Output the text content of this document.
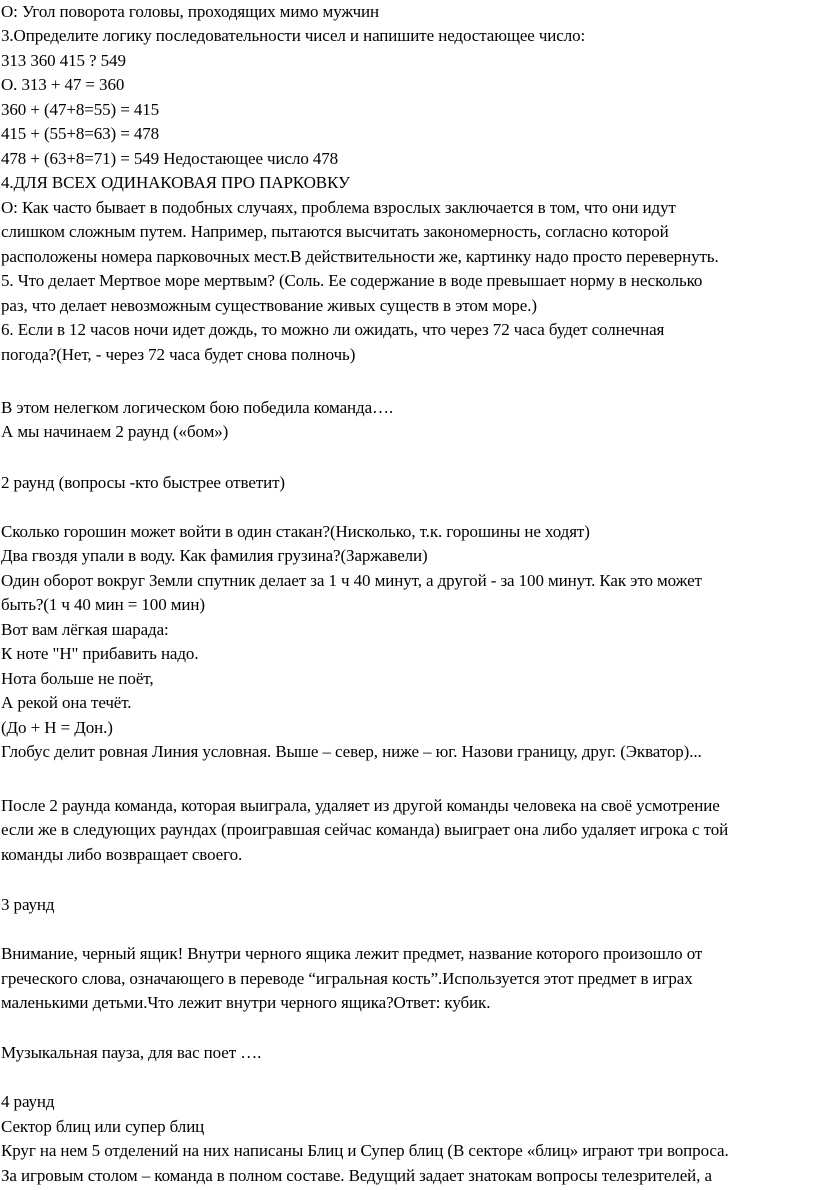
О: Угол поворота головы, проходящих мимо мужчин
3.Определите логику последовательности чисел и напишите недостающее число:
313 360 415 ? 549
О. 313 + 47 = 360
360 + (47+8=55) = 415
415 + (55+8=63) = 478
478 + (63+8=71) = 549 Недостающее число 478
4.ДЛЯ ВСЕХ ОДИНАКОВАЯ ПРО ПАРКОВКУ
О: Как часто бывает в подобных случаях, проблема взрослых заключается в том, что они идут
слишком сложным путем. Например, пытаются высчитать закономерность, согласно которой
расположены номера парковочных мест.В действительности же, картинку надо просто перевернуть.
5. Что делает Мертвое море мертвым? (Соль. Ее содержание в воде превышает норму в несколько
раз, что делает невозможным существование живых существ в этом море.)
6. Если в 12 часов ночи идет дождь, то можно ли ожидать, что через 72 часа будет солнечная
погода?(Нет, - через 72 часа будет снова полночь)
В этом нелегком логическом бою победила команда….
А мы начинаем 2 раунд («бом»)
2 раунд (вопросы -кто быстрее ответит)
Сколько горошин может войти в один стакан?(Нисколько, т.к. горошины не ходят)
Два гвоздя упали в воду. Как фамилия грузина?(Заржавели)
Один оборот вокруг Земли спутник делает за 1 ч 40 минут, а другой - за 100 минут. Как это может
быть?(1 ч 40 мин = 100 мин)
Вот вам лёгкая шарада:
К ноте "Н" прибавить надо.
Нота больше не поёт,
А рекой она течёт.
(До + Н = Дон.)
Глобус делит ровная Линия условная. Выше – север, ниже – юг. Назови границу, друг. (Экватор)...
После 2 раунда команда, которая выиграла, удаляет из другой команды человека на своё усмотрение
если же в следующих раундах (проигравшая сейчас команда) выиграет она либо удаляет игрока с той
команды либо возвращает своего.
3 раунд
Внимание, черный ящик! Внутри черного ящика лежит предмет, название которого произошло от
греческого слова, означающего в переводе “игральная кость”.Используется этот предмет в играх
маленькими детьми.Что лежит внутри черного ящика?Ответ: кубик.
Музыкальная пауза, для вас поет ….
4 раунд
Сектор блиц или супер блиц
Круг на нем 5 отделений на них написаны Блиц и Супер блиц (В секторе «блиц» играют три вопроса.
За игровым столом – команда в полном составе. Ведущий задает знатокам вопросы телезрителей, а
